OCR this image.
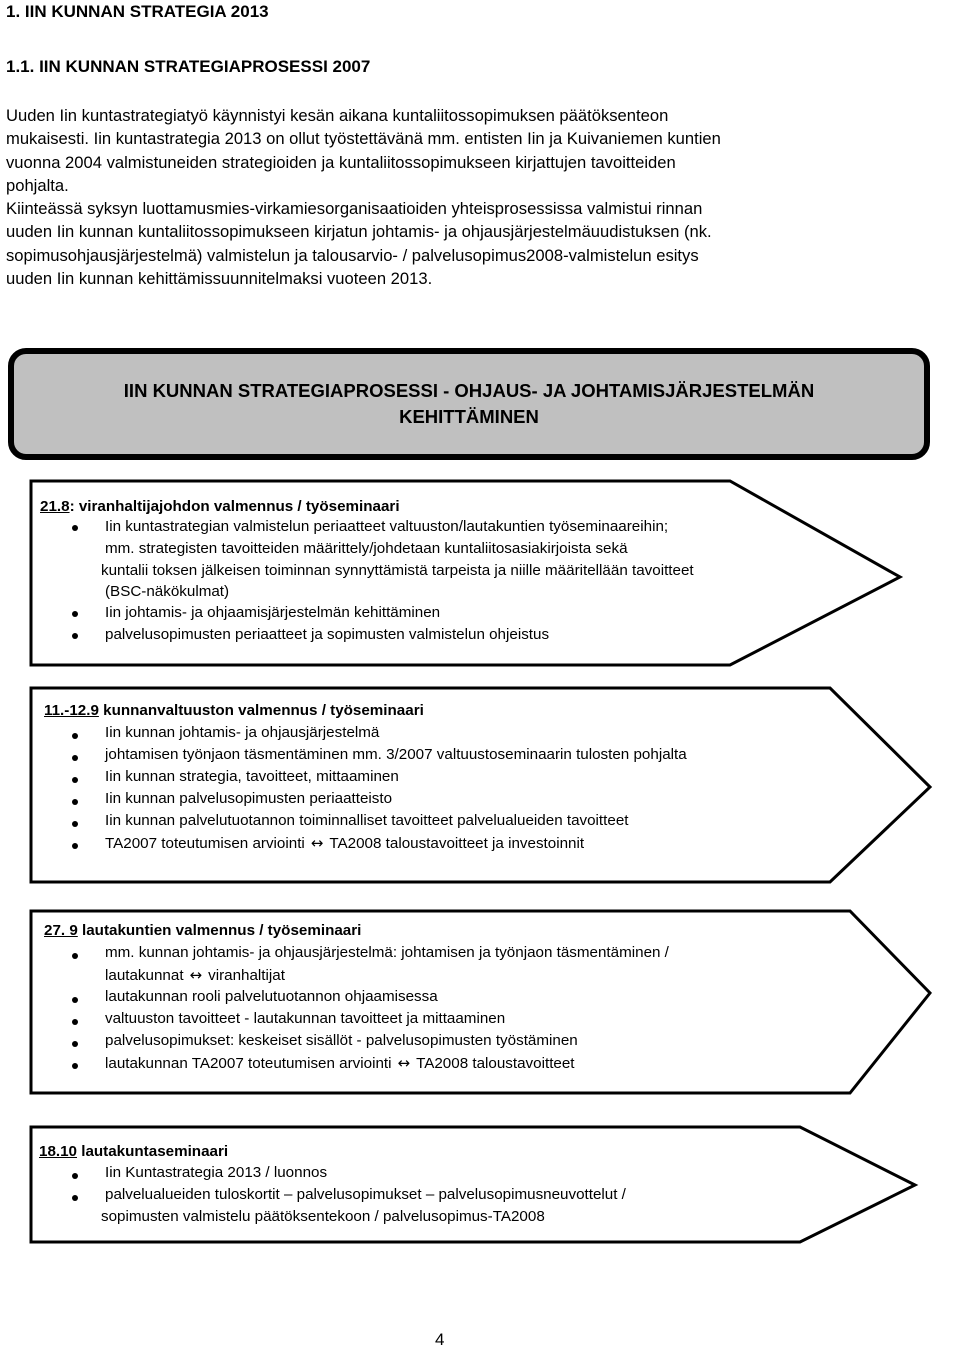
1. IIN KUNNAN STRATEGIA 2013
1.1. IIN KUNNAN STRATEGIAPROSESSI 2007
Uuden Iin kuntastrategiatyö käynnistyi kesän aikana kuntaliitossopimuksen päätöksenteon
mukaisesti. Iin kuntastrategia 2013 on ollut työstettävänä mm. entisten Iin ja Kuivaniemen kuntien
vuonna 2004 valmistuneiden strategioiden ja kuntaliitossopimukseen kirjattujen tavoitteiden
pohjalta.
Kiinteässä syksyn luottamusmies-virkamiesorganisaatioiden yhteisprosessissa valmistui rinnan
uuden Iin kunnan kuntaliitossopimukseen kirjatun johtamis- ja ohjausjärjestelmäuudistuksen (nk.
sopimusohjausjärjestelmä) valmistelun ja talousarvio- / palvelusopimus2008-valmistelun esitys
uuden Iin kunnan kehittämissuunnitelmaksi vuoteen 2013.
IIN KUNNAN STRATEGIAPROSESSI - OHJAUS- JA JOHTAMISJÄRJESTELMÄN
KEHITTÄMINEN
21.8: viranhaltijajohdon valmennus / työseminaari
Iin kuntastrategian valmistelun periaatteet valtuuston/lautakuntien työseminaareihin;
mm. strategisten tavoitteiden määrittely/johdetaan kuntaliitosasiakirjoista sekä
kuntalii toksen jälkeisen toiminnan synnyttämistä tarpeista ja niille määritellään tavoitteet
(BSC-näkökulmat)
Iin johtamis- ja ohjaamisjärjestelmän kehittäminen
palvelusopimusten periaatteet ja sopimusten valmistelun ohjeistus
11.-12.9 kunnanvaltuuston valmennus / työseminaari
Iin kunnan johtamis- ja ohjausjärjestelmä
johtamisen työnjaon täsmentäminen mm. 3/2007 valtuustoseminaarin tulosten pohjalta
Iin kunnan strategia, tavoitteet, mittaaminen
Iin kunnan palvelusopimusten periaatteisto
Iin kunnan palvelutuotannon toiminnalliset tavoitteet palvelualueiden tavoitteet
TA2007 toteutumisen arviointi ↔ TA2008 taloustavoitteet ja investoinnit
27. 9 lautakuntien valmennus / työseminaari
mm. kunnan johtamis- ja ohjausjärjestelmä: johtamisen ja työnjaon täsmentäminen /
lautakunnat ↔ viranhaltijat
lautakunnan rooli palvelutuotannon ohjaamisessa
valtuuston tavoitteet - lautakunnan tavoitteet ja mittaaminen
palvelusopimukset: keskeiset sisällöt - palvelusopimusten työstäminen
lautakunnan TA2007 toteutumisen arviointi ↔ TA2008 taloustavoitteet
18.10 lautakuntaseminaari
Iin Kuntastrategia 2013 / luonnos
palvelualueiden tuloskortit – palvelusopimukset – palvelusopimusneuvottelut /
sopimusten valmistelu päätöksentekoon / palvelusopimus-TA2008
4
